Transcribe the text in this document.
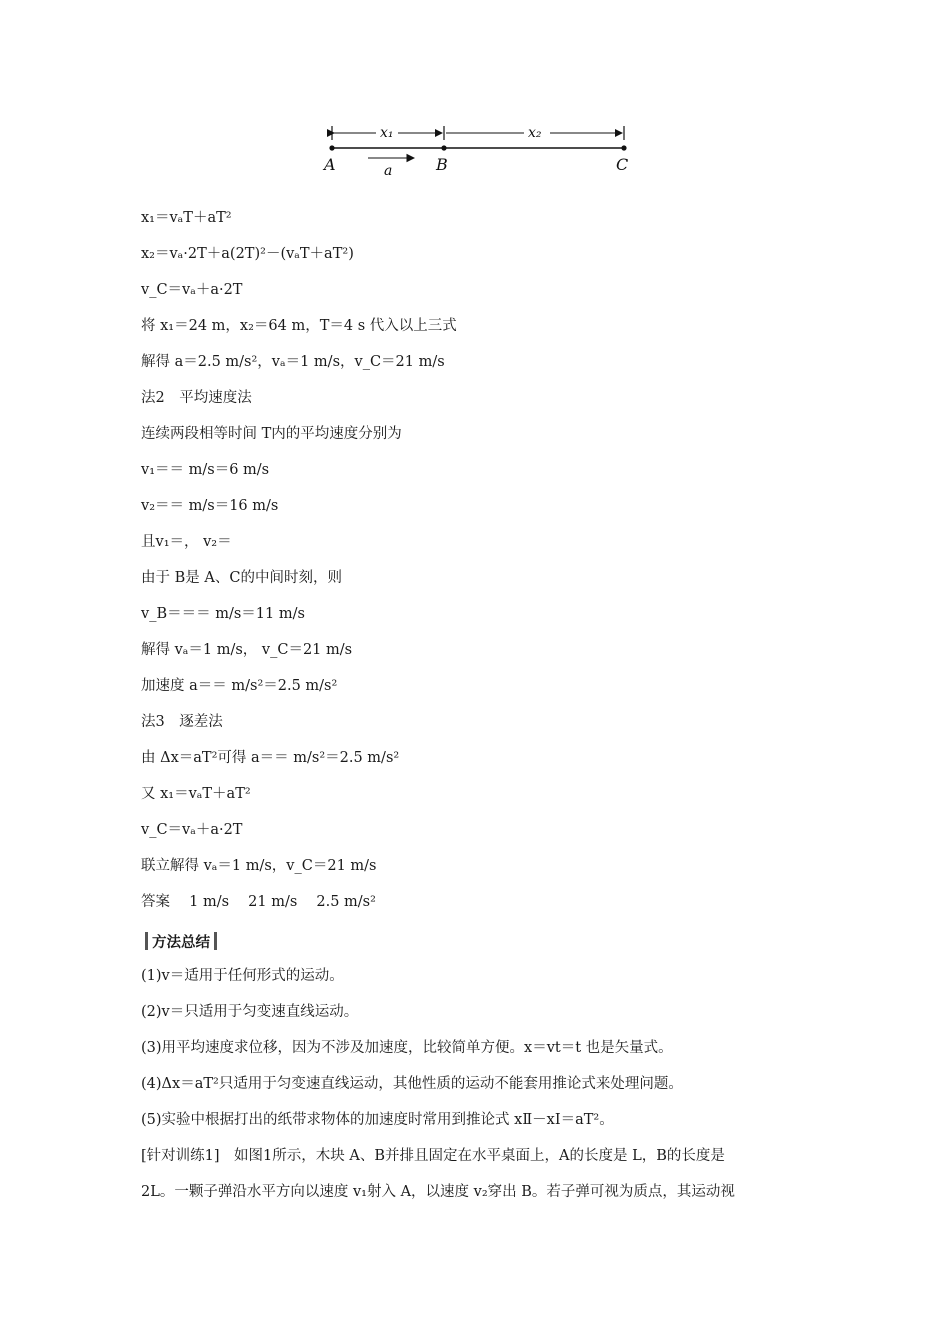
x₁	x₂
A	B	C
a
x₁＝vₐT＋aT²
x₂＝vₐ·2T＋a(2T)²－(vₐT＋aT²)
v_C＝vₐ＋a·2T
将 x₁＝24 m，x₂＝64 m，T＝4 s 代入以上三式
解得 a＝2.5 m/s²，vₐ＝1 m/s，v_C＝21 m/s
法2　平均速度法
连续两段相等时间 T内的平均速度分别为
v₁＝＝ m/s＝6 m/s
v₂＝＝ m/s＝16 m/s
且v₁＝， v₂＝
由于 B是 A、C的中间时刻，则
v_B＝＝＝ m/s＝11 m/s
解得 vₐ＝1 m/s， v_C＝21 m/s
加速度 a＝＝ m/s²＝2.5 m/s²
法3　逐差法
由 Δx＝aT²可得 a＝＝ m/s²＝2.5 m/s²
又 x₁＝vₐT＋aT²
v_C＝vₐ＋a·2T
联立解得 vₐ＝1 m/s，v_C＝21 m/s
答案　 1 m/s　 21 m/s　 2.5 m/s²
方法总结
(1)v＝适用于任何形式的运动。
(2)v＝只适用于匀变速直线运动。
(3)用平均速度求位移，因为不涉及加速度，比较简单方便。x＝vt＝t 也是矢量式。
(4)Δx＝aT²只适用于匀变速直线运动，其他性质的运动不能套用推论式来处理问题。
(5)实验中根据打出的纸带求物体的加速度时常用到推论式 xⅡ－xⅠ＝aT²。
[针对训练1]　如图1所示，木块 A、B并排且固定在水平桌面上，A的长度是 L，B的长度是
2L。一颗子弹沿水平方向以速度 v₁射入 A，以速度 v₂穿出 B。若子弹可视为质点，其运动视
